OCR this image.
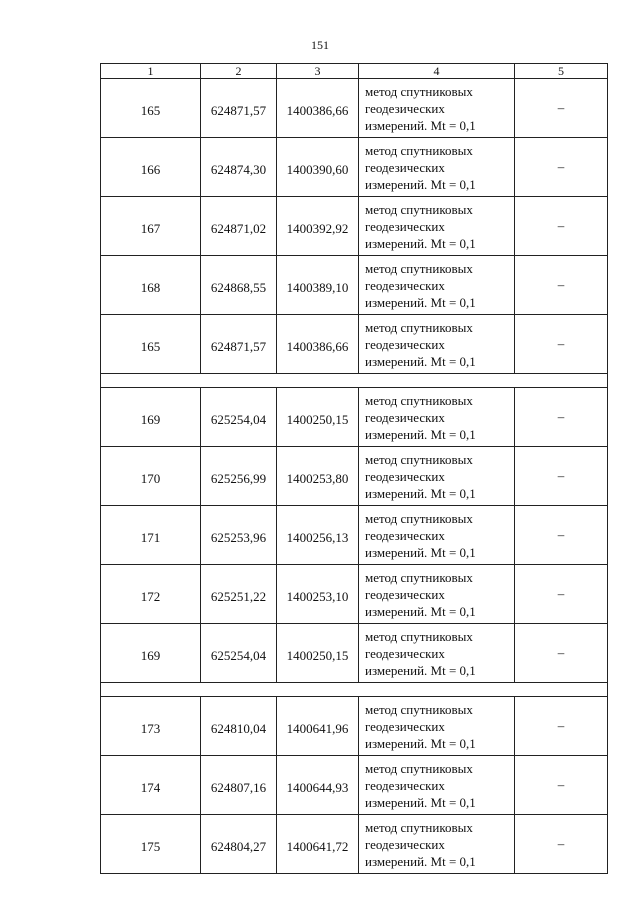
151
1	2	3	4	5
165	624871,57	1400386,66	метод спутниковых
геодезических
измерений. Mt = 0,1	–
166	624874,30	1400390,60	метод спутниковых
геодезических
измерений. Mt = 0,1	–
167	624871,02	1400392,92	метод спутниковых
геодезических
измерений. Mt = 0,1	–
168	624868,55	1400389,10	метод спутниковых
геодезических
измерений. Mt = 0,1	–
165	624871,57	1400386,66	метод спутниковых
геодезических
измерений. Mt = 0,1	–

169	625254,04	1400250,15	метод спутниковых
геодезических
измерений. Mt = 0,1	–
170	625256,99	1400253,80	метод спутниковых
геодезических
измерений. Mt = 0,1	–
171	625253,96	1400256,13	метод спутниковых
геодезических
измерений. Mt = 0,1	–
172	625251,22	1400253,10	метод спутниковых
геодезических
измерений. Mt = 0,1	–
169	625254,04	1400250,15	метод спутниковых
геодезических
измерений. Mt = 0,1	–

173	624810,04	1400641,96	метод спутниковых
геодезических
измерений. Mt = 0,1	–
174	624807,16	1400644,93	метод спутниковых
геодезических
измерений. Mt = 0,1	–
175	624804,27	1400641,72	метод спутниковых
геодезических
измерений. Mt = 0,1	–
